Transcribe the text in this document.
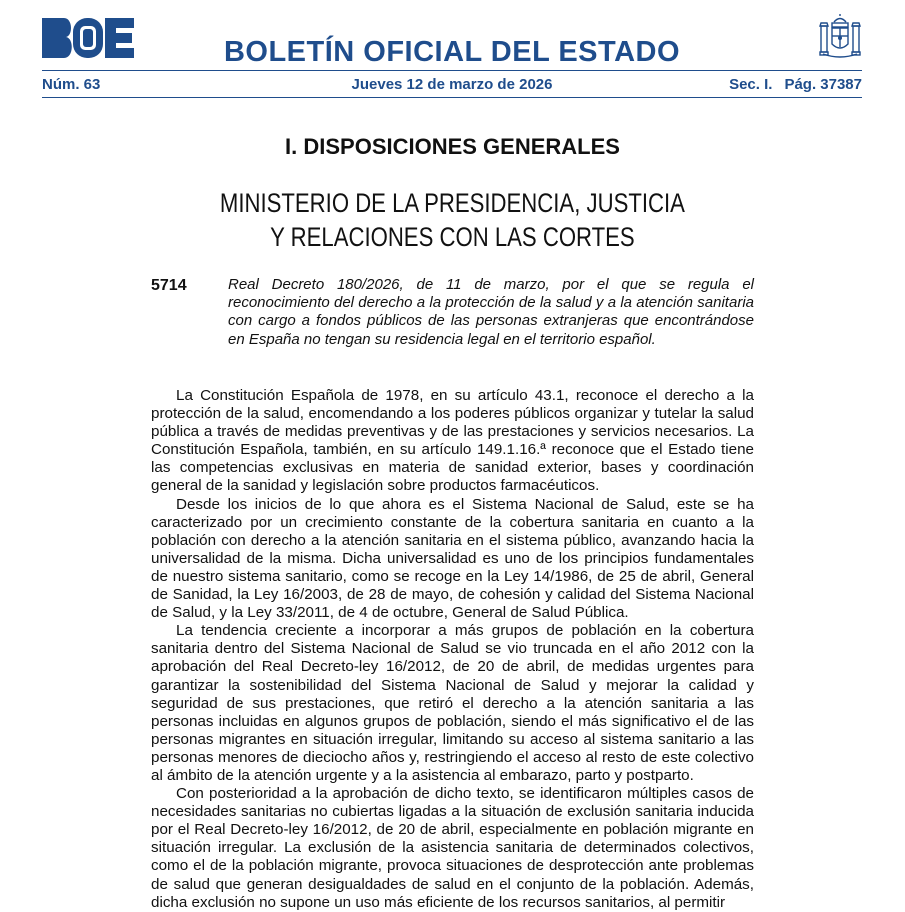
BOLETÍN OFICIAL DEL ESTADO
Núm. 63	Jueves 12 de marzo de 2026	Sec. I. Pág. 37387
I. DISPOSICIONES GENERALES
MINISTERIO DE LA PRESIDENCIA, JUSTICIA
Y RELACIONES CON LAS CORTES
5714	Real Decreto 180/2026, de 11 de marzo, por el que se regula el reconocimiento del derecho a la protección de la salud y a la atención sanitaria con cargo a fondos públicos de las personas extranjeras que encontrándose en España no tengan su residencia legal en el territorio español.

La Constitución Española de 1978, en su artículo 43.1, reconoce el derecho a la protección de la salud, encomendando a los poderes públicos organizar y tutelar la salud pública a través de medidas preventivas y de las prestaciones y servicios necesarios. La Constitución Española, también, en su artículo 149.1.16.ª reconoce que el Estado tiene las competencias exclusivas en materia de sanidad exterior, bases y coordinación general de la sanidad y legislación sobre productos farmacéuticos.

Desde los inicios de lo que ahora es el Sistema Nacional de Salud, este se ha caracterizado por un crecimiento constante de la cobertura sanitaria en cuanto a la población con derecho a la atención sanitaria en el sistema público, avanzando hacia la universalidad de la misma. Dicha universalidad es uno de los principios fundamentales de nuestro sistema sanitario, como se recoge en la Ley 14/1986, de 25 de abril, General de Sanidad, la Ley 16/2003, de 28 de mayo, de cohesión y calidad del Sistema Nacional de Salud, y la Ley 33/2011, de 4 de octubre, General de Salud Pública.

La tendencia creciente a incorporar a más grupos de población en la cobertura sanitaria dentro del Sistema Nacional de Salud se vio truncada en el año 2012 con la aprobación del Real Decreto-ley 16/2012, de 20 de abril, de medidas urgentes para garantizar la sostenibilidad del Sistema Nacional de Salud y mejorar la calidad y seguridad de sus prestaciones, que retiró el derecho a la atención sanitaria a las personas incluidas en algunos grupos de población, siendo el más significativo el de las personas migrantes en situación irregular, limitando su acceso al sistema sanitario a las personas menores de dieciocho años y, restringiendo el acceso al resto de este colectivo al ámbito de la atención urgente y a la asistencia al embarazo, parto y postparto.

Con posterioridad a la aprobación de dicho texto, se identificaron múltiples casos de necesidades sanitarias no cubiertas ligadas a la situación de exclusión sanitaria inducida por el Real Decreto-ley 16/2012, de 20 de abril, especialmente en población migrante en situación irregular. La exclusión de la asistencia sanitaria de determinados colectivos, como el de la población migrante, provoca situaciones de desprotección ante problemas de salud que generan desigualdades de salud en el conjunto de la población. Además, dicha exclusión no supone un uso más eficiente de los recursos sanitarios, al permitir
